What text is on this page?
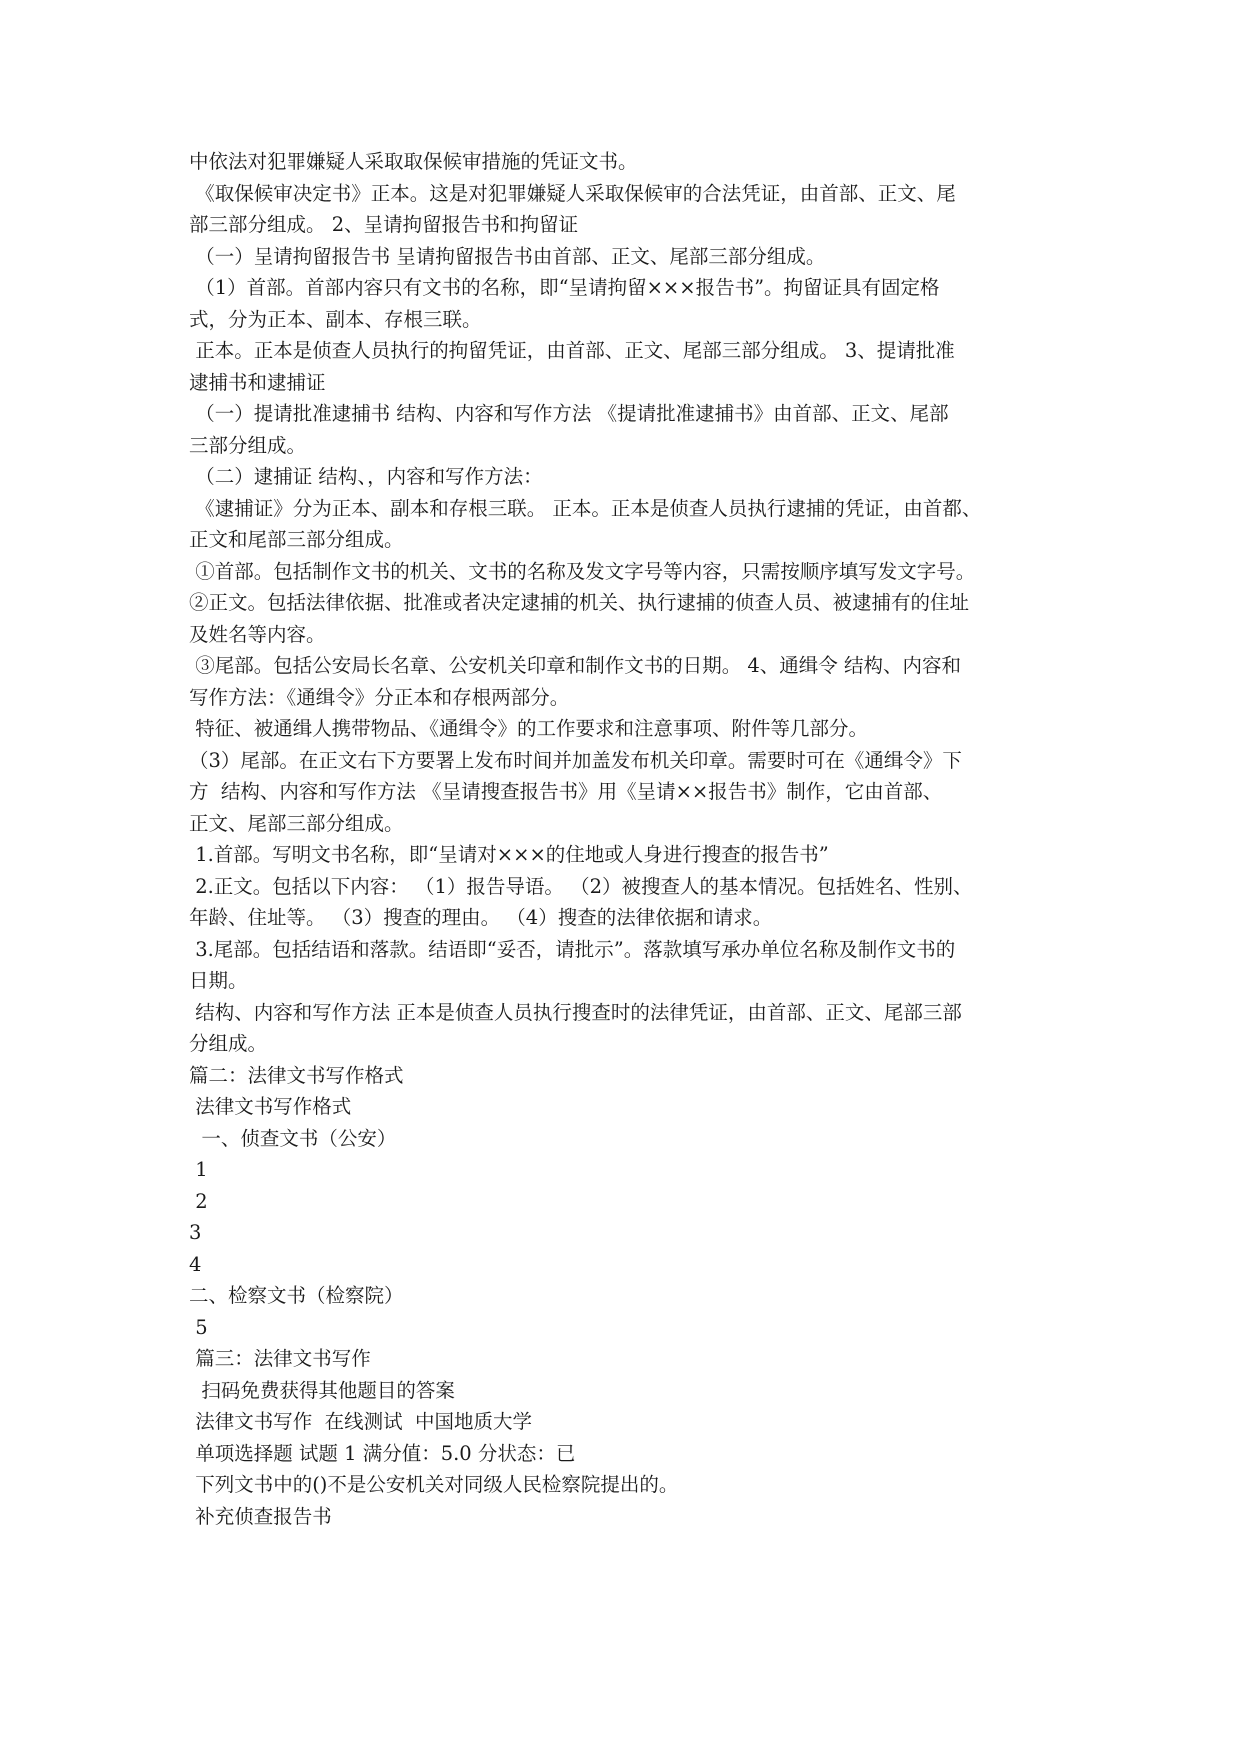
中依法对犯罪嫌疑人采取取保候审措施的凭证文书。

《取保候审决定书》正本。这是对犯罪嫌疑人采取保候审的合法凭证，由首部、正文、尾

部三部分组成。 2、呈请拘留报告书和拘留证

（一）呈请拘留报告书 呈请拘留报告书由首部、正文、尾部三部分组成。

（1）首部。首部内容只有文书的名称，即“呈请拘留×××报告书”。拘留证具有固定格

式，分为正本、副本、存根三联。

正本。正本是侦查人员执行的拘留凭证，由首部、正文、尾部三部分组成。 3、提请批准

逮捕书和逮捕证

（一）提请批准逮捕书 结构、内容和写作方法 《提请批准逮捕书》由首部、正文、尾部

三部分组成。

（二）逮捕证 结构、，内容和写作方法：

《逮捕证》分为正本、副本和存根三联。 正本。正本是侦查人员执行逮捕的凭证，由首都、

正文和尾部三部分组成。

①首部。包括制作文书的机关、文书的名称及发文字号等内容，只需按顺序填写发文字号。

②正文。包括法律依据、批准或者决定逮捕的机关、执行逮捕的侦查人员、被逮捕有的住址

及姓名等内容。

③尾部。包括公安局长名章、公安机关印章和制作文书的日期。 4、通缉令 结构、内容和

写作方法：《通缉令》分正本和存根两部分。

特征、被通缉人携带物品、《通缉令》的工作要求和注意事项、附件等几部分。

（3）尾部。在正文右下方要署上发布时间并加盖发布机关印章。需要时可在《通缉令》下

方  结构、内容和写作方法 《呈请搜查报告书》用《呈请××报告书》制作，它由首部、

正文、尾部三部分组成。

1.首部。写明文书名称，即“呈请对×××的住地或人身进行搜查的报告书”

2.正文。包括以下内容： （1）报告导语。 （2）被搜查人的基本情况。包括姓名、性别、

年龄、住址等。 （3）搜查的理由。 （4）搜查的法律依据和请求。

3.尾部。包括结语和落款。结语即“妥否，请批示”。落款填写承办单位名称及制作文书的

日期。

结构、内容和写作方法 正本是侦查人员执行搜查时的法律凭证，由首部、正文、尾部三部

分组成。

篇二：法律文书写作格式

法律文书写作格式

一、侦查文书（公安）

1

2

3

4

二、检察文书（检察院）

5

篇三：法律文书写作

扫码免费获得其他题目的答案

法律文书写作  在线测试  中国地质大学

单项选择题 试题 1 满分值：5.0 分状态：已

下列文书中的()不是公安机关对同级人民检察院提出的。

补充侦查报告书
